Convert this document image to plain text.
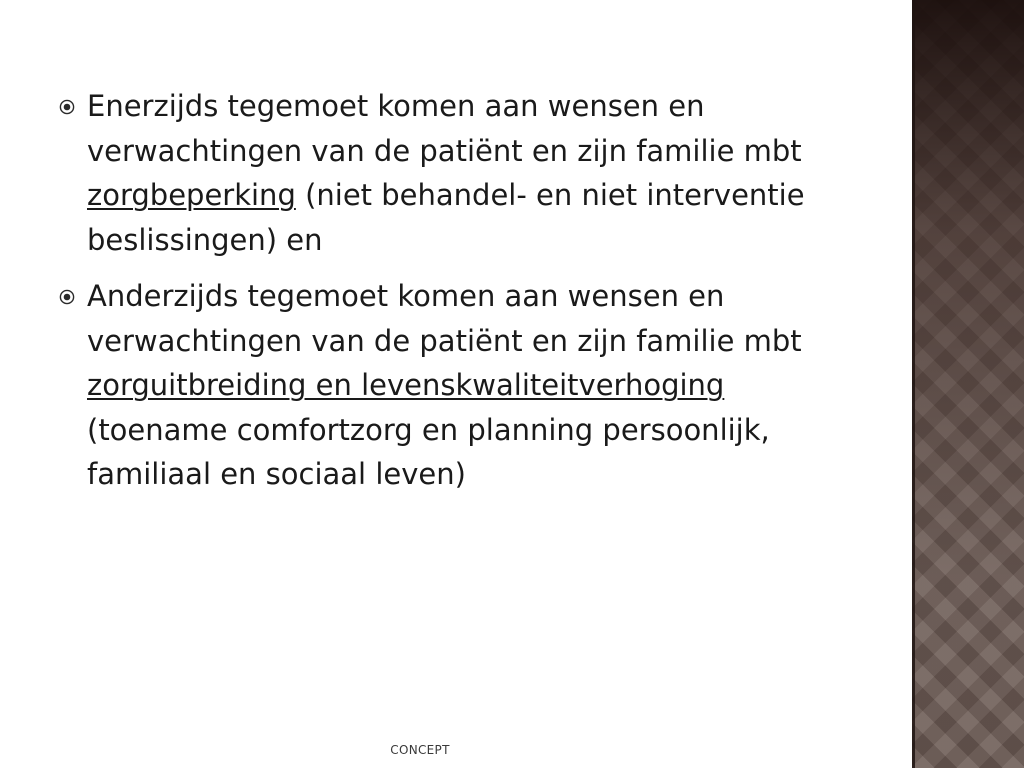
Enerzijds tegemoet komen aan wensen en verwachtingen van de patiënt en zijn familie mbt zorgbeperking (niet behandel- en niet interventie beslissingen) en
Anderzijds tegemoet komen aan wensen en verwachtingen van de patiënt en zijn familie mbt zorguitbreiding en levenskwaliteitverhoging (toename comfortzorg en planning persoonlijk, familiaal en sociaal leven)
CONCEPT
